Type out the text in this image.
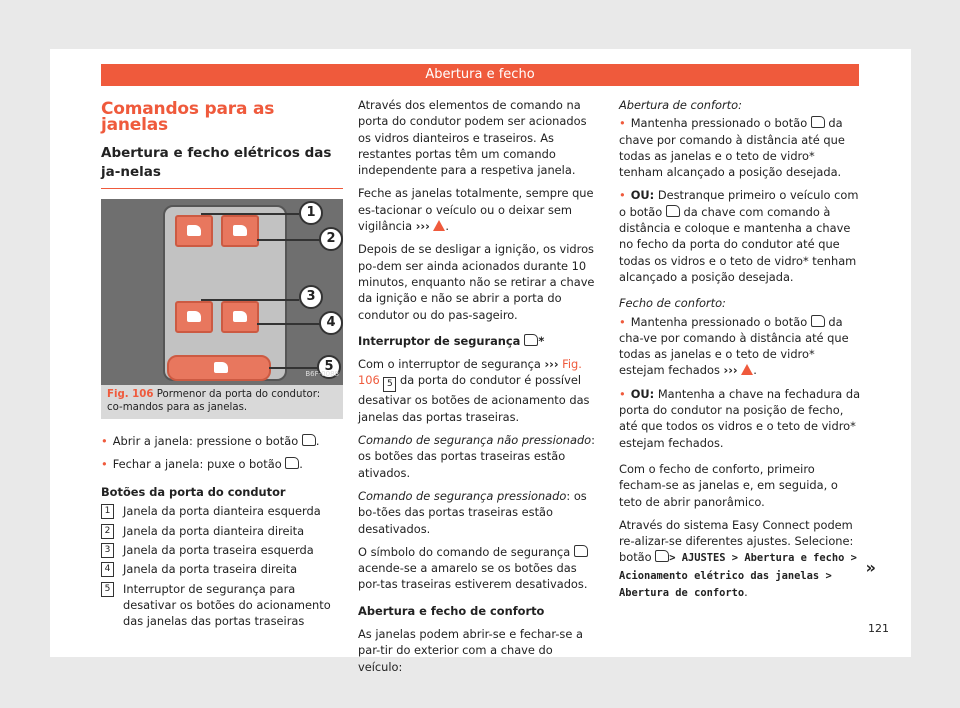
Abertura e fecho
Comandos para as janelas
Abertura e fecho elétricos das ja-nelas
1
2
3
4
5
B6F-0088
Fig. 106 Pormenor da porta do condutor: co-mandos para as janelas.

• Abrir a janela: pressione o botão .

• Fechar a janela: puxe o botão .

Botões da porta do condutor

1	Janela da porta dianteira esquerda
2	Janela da porta dianteira direita
3	Janela da porta traseira esquerda
4	Janela da porta traseira direita
5	Interruptor de segurança para desativar os botões do acionamento das janelas das portas traseiras

Através dos elementos de comando na porta do condutor podem ser acionados os vidros dianteiros e traseiros. As restantes portas têm um comando independente para a respetiva janela.

Feche as janelas totalmente, sempre que es-tacionar o veículo ou o deixar sem vigilância ››› .

Depois de se desligar a ignição, os vidros po-dem ser ainda acionados durante 10 minutos, enquanto não se retirar a chave da ignição e não se abrir a porta do condutor ou do pas-sageiro.

Interruptor de segurança *

Com o interruptor de segurança ››› Fig. 106 5 da porta do condutor é possível desativar os botões de acionamento das janelas das portas traseiras.

Comando de segurança não pressionado: os botões das portas traseiras estão ativados.

Comando de segurança pressionado: os bo-tões das portas traseiras estão desativados.

O símbolo do comando de segurança  acende-se a amarelo se os botões das por-tas traseiras estiverem desativados.

Abertura e fecho de conforto

As janelas podem abrir-se e fechar-se a par-tir do exterior com a chave do veículo:

Abertura de conforto:

• Mantenha pressionado o botão da chave por comando à distância até que todas as janelas e o teto de vidro* tenham alcançado a posição desejada.

• OU: Destranque primeiro o veículo com o botão da chave com comando à distância e coloque e mantenha a chave no fecho da porta do condutor até que todas os vidros e o teto de vidro* tenham alcançado a posição desejada.

Fecho de conforto:

• Mantenha pressionado o botão da cha-ve por comando à distância até que todas as janelas e o teto de vidro* estejam fechados ››› .

• OU: Mantenha a chave na fechadura da porta do condutor na posição de fecho, até que todos os vidros e o teto de vidro* estejam fechados.

Com o fecho de conforto, primeiro fecham-se as janelas e, em seguida, o teto de abrir panorâmico.

Através do sistema Easy Connect podem re-alizar-se diferentes ajustes. Selecione: botão > AJUSTES > Abertura e fecho > Acionamento elétrico das janelas > Abertura de conforto.

»
121
